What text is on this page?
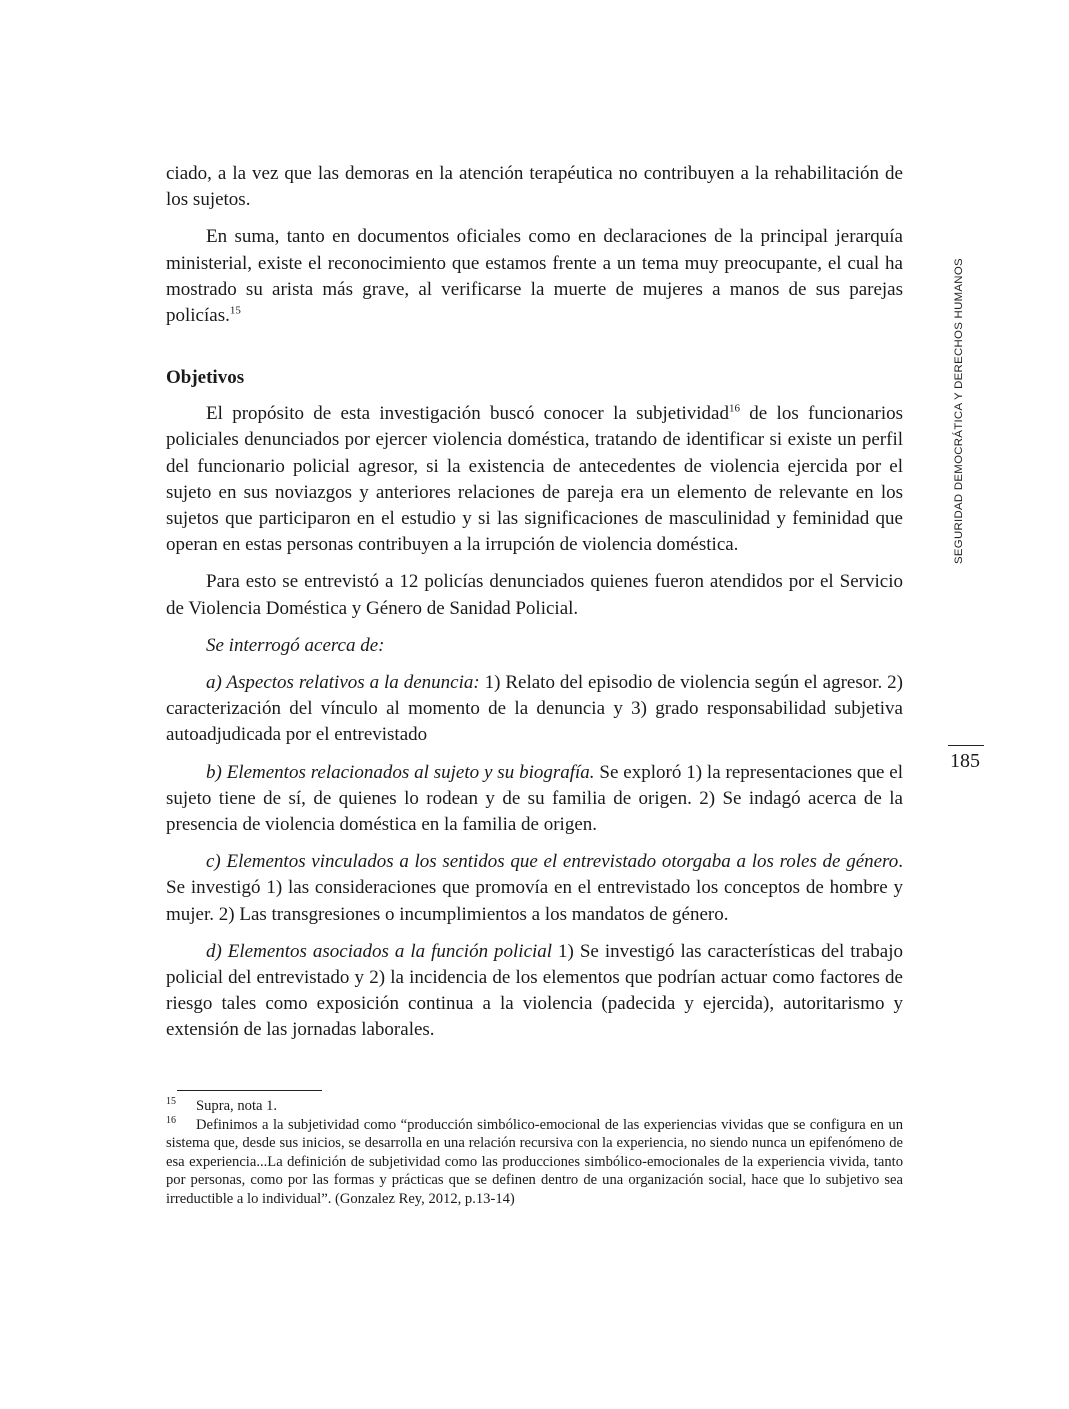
SEGURIDAD DEMOCRÁTICA Y DERECHOS HUMANOS
185

ciado, a la vez que las demoras en la atención terapéutica no contribuyen a la rehabilitación de los sujetos.

En suma, tanto en documentos oficiales como en declaraciones de la principal jerarquía ministerial, existe el reconocimiento que estamos frente a un tema muy preocupante, el cual ha mostrado su arista más grave, al verificarse la muerte de mujeres a manos de sus parejas policías.$^{15}$

Objetivos

El propósito de esta investigación buscó conocer la subjetividad$^{16}$ de los funcionarios policiales denunciados por ejercer violencia doméstica, tratando de identificar si existe un perfil del funcionario policial agresor, si la existencia de antecedentes de violencia ejercida por el sujeto en sus noviazgos y anteriores relaciones de pareja era un elemento de relevante en los sujetos que participaron en el estudio y si las significaciones de masculinidad y feminidad que operan en estas personas contribuyen a la irrupción de violencia doméstica.

Para esto se entrevistó a 12 policías denunciados quienes fueron atendidos por el Servicio de Violencia Doméstica y Género de Sanidad Policial.

Se interrogó acerca de:

a) Aspectos relativos a la denuncia: 1) Relato del episodio de violencia según el agresor. 2) caracterización del vínculo al momento de la denuncia y 3) grado responsabilidad subjetiva autoadjudicada por el entrevistado

b) Elementos relacionados al sujeto y su biografía. Se exploró 1) la representaciones que el sujeto tiene de sí, de quienes lo rodean y de su familia de origen. 2) Se indagó acerca de la presencia de violencia doméstica en la familia de origen.

c) Elementos vinculados a los sentidos que el entrevistado otorgaba a los roles de género. Se investigó 1) las consideraciones que promovía en el entrevistado los conceptos de hombre y mujer. 2) Las transgresiones o incumplimientos a los mandatos de género.

d) Elementos asociados a la función policial 1) Se investigó las características del trabajo policial del entrevistado y 2) la incidencia de los elementos que podrían actuar como factores de riesgo tales como exposición continua a la violencia (padecida y ejercida), autoritarismo y extensión de las jornadas laborales.

15 Supra, nota 1.

16 Definimos a la subjetividad como “producción simbólico-emocional de las experiencias vividas que se configura en un sistema que, desde sus inicios, se desarrolla en una relación recursiva con la experiencia, no siendo nunca un epifenómeno de esa experiencia...La definición de subjetividad como las producciones simbólico-emocionales de la experiencia vivida, tanto por personas, como por las formas y prácticas que se definen dentro de una organización social, hace que lo subjetivo sea irreductible a lo individual”. (Gonzalez Rey, 2012, p.13-14)
